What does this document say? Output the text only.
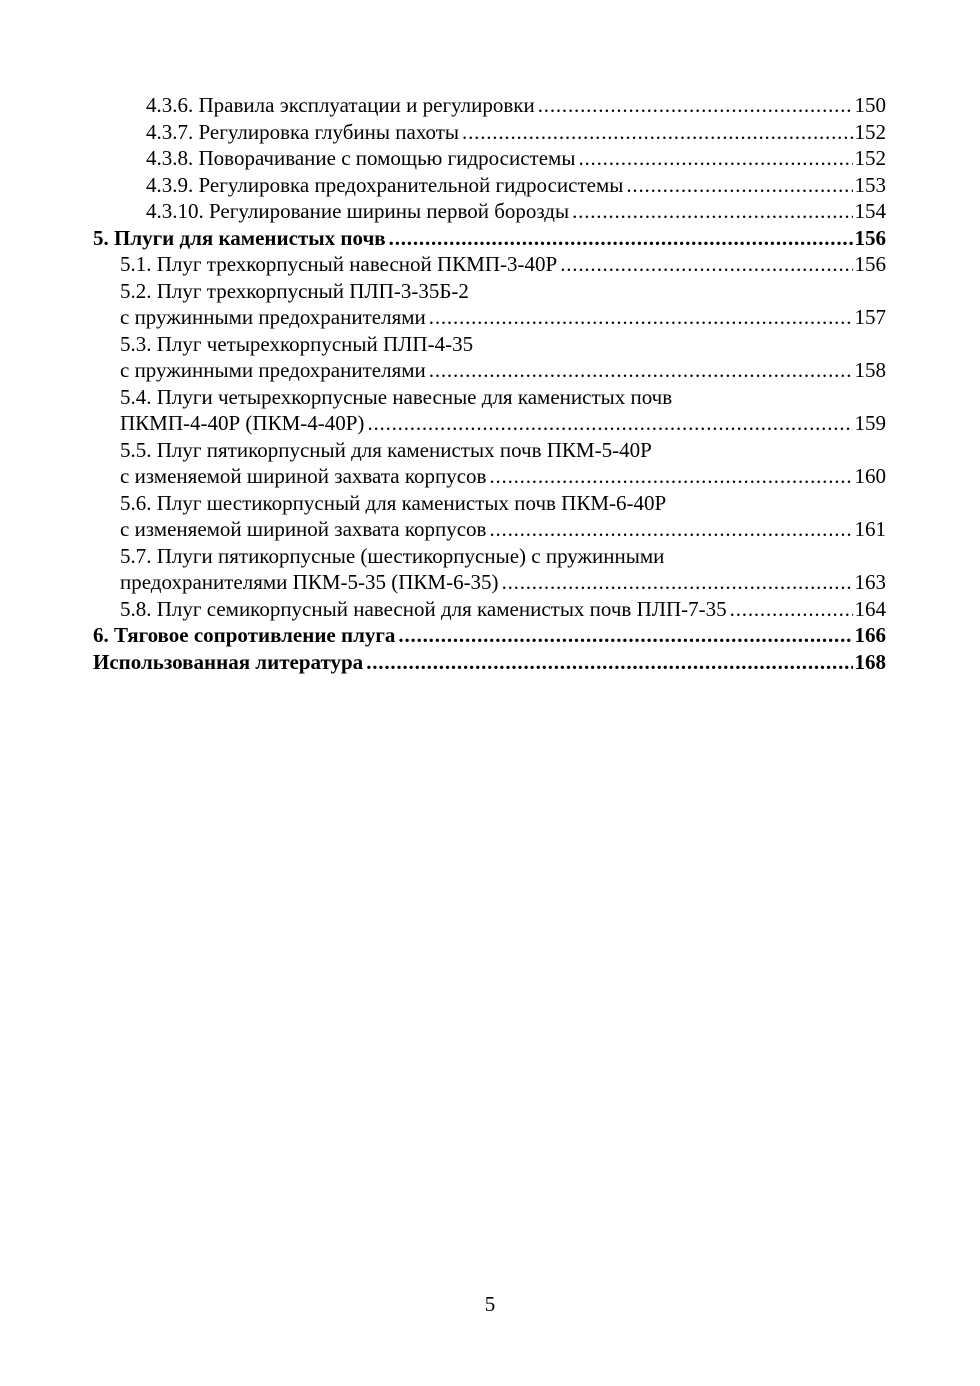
4.3.6. Правила эксплуатации и регулировки .....	150
4.3.7. Регулировка глубины пахоты .....	152
4.3.8. Поворачивание с помощью гидросистемы .....	152
4.3.9. Регулировка предохранительной гидросистемы .....	153
4.3.10. Регулирование ширины первой борозды .....	154
5. Плуги для каменистых почв .....	156
5.1. Плуг трехкорпусный навесной ПКМП-3-40Р .....	156
5.2. Плуг трехкорпусный ПЛП-3-35Б-2
с пружинными предохранителями .....	157
5.3. Плуг четырехкорпусный ПЛП-4-35
с пружинными предохранителями .....	158
5.4. Плуги четырехкорпусные навесные для каменистых почв
ПКМП-4-40Р (ПКМ-4-40Р) .....	159
5.5. Плуг пятикорпусный для каменистых почв ПКМ-5-40Р
с изменяемой шириной захвата корпусов .....	160
5.6. Плуг шестикорпусный для каменистых почв ПКМ-6-40Р
с изменяемой шириной захвата корпусов .....	161
5.7. Плуги пятикорпусные (шестикорпусные) с пружинными
предохранителями ПКМ-5-35 (ПКМ-6-35) .....	163
5.8. Плуг семикорпусный навесной для каменистых почв ПЛП-7-35 .....	164
6. Тяговое сопротивление плуга .....	166
Использованная литература .....	168
5
